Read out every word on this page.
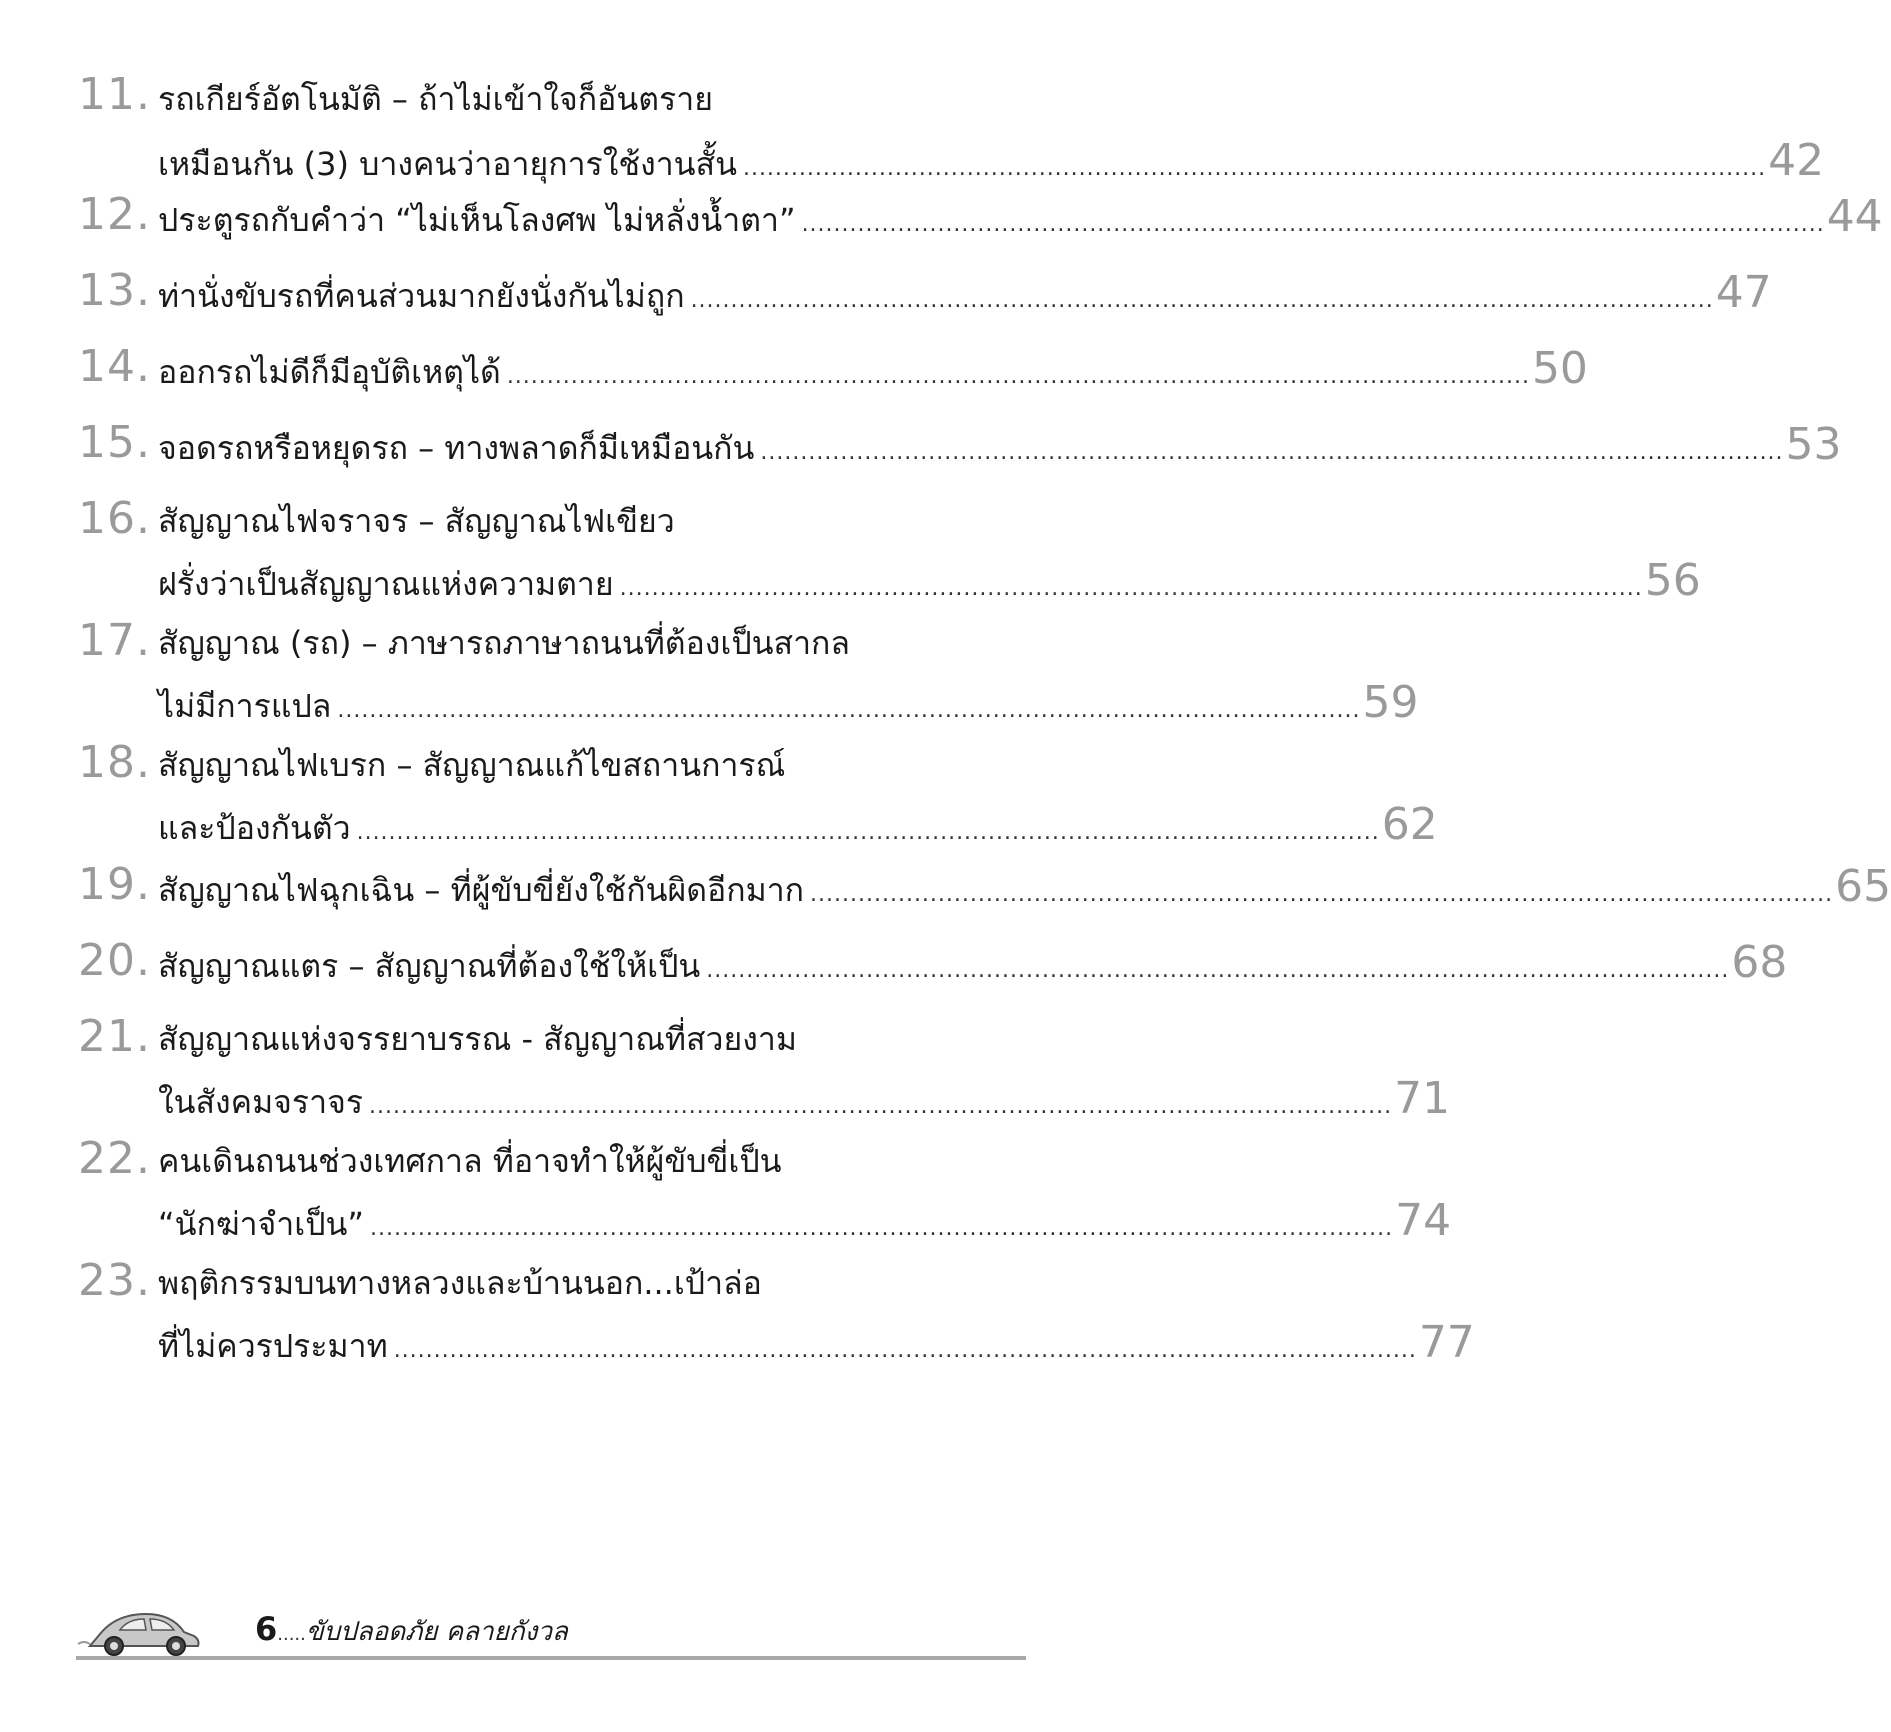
11. รถเกียร์อัตโนมัติ – ถ้าไม่เข้าใจก็อันตราย
เหมือนกัน (3) บางคนว่าอายุการใช้งานสั้น ................................................................................................................................ 42
12. ประตูรถกับคำว่า “ไม่เห็นโลงศพ ไม่หลั่งน้ำตา” ................................................................................................................................ 44
13. ท่านั่งขับรถที่คนส่วนมากยังนั่งกันไม่ถูก ................................................................................................................................ 47
14. ออกรถไม่ดีก็มีอุบัติเหตุได้ ................................................................................................................................ 50
15. จอดรถหรือหยุดรถ – ทางพลาดก็มีเหมือนกัน ................................................................................................................................ 53
16. สัญญาณไฟจราจร – สัญญาณไฟเขียว
ฝรั่งว่าเป็นสัญญาณแห่งความตาย ................................................................................................................................ 56
17. สัญญาณ (รถ) – ภาษารถภาษาถนนที่ต้องเป็นสากล
ไม่มีการแปล ................................................................................................................................ 59
18. สัญญาณไฟเบรก – สัญญาณแก้ไขสถานการณ์
และป้องกันตัว ................................................................................................................................ 62
19. สัญญาณไฟฉุกเฉิน – ที่ผู้ขับขี่ยังใช้กันผิดอีกมาก ................................................................................................................................ 65
20. สัญญาณแตร – สัญญาณที่ต้องใช้ให้เป็น ................................................................................................................................ 68
21. สัญญาณแห่งจรรยาบรรณ - สัญญาณที่สวยงาม
ในสังคมจราจร ................................................................................................................................ 71
22. คนเดินถนนช่วงเทศกาล ที่อาจทำให้ผู้ขับขี่เป็น
“นักฆ่าจำเป็น” ................................................................................................................................ 74
23. พฤติกรรมบนทางหลวงและบ้านนอก...เป้าล่อ
ที่ไม่ควรประมาท ................................................................................................................................ 77
6.....ขับปลอดภัย คลายกังวล
